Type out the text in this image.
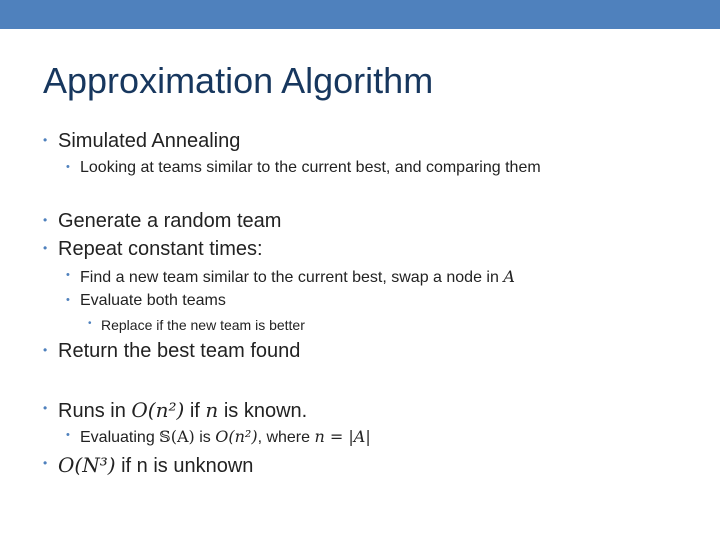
Approximation Algorithm
• Simulated Annealing
• Looking at teams similar to the current best, and comparing them
• Generate a random team
• Repeat constant times:
• Find a new team similar to the current best, swap a node in A
• Evaluate both teams
• Replace if the new team is better
• Return the best team found
• Runs in O(n²) if n is known.
• Evaluating 𝕊(A) is O(n²), where n = |A|
• O(N³) if n is unknown
